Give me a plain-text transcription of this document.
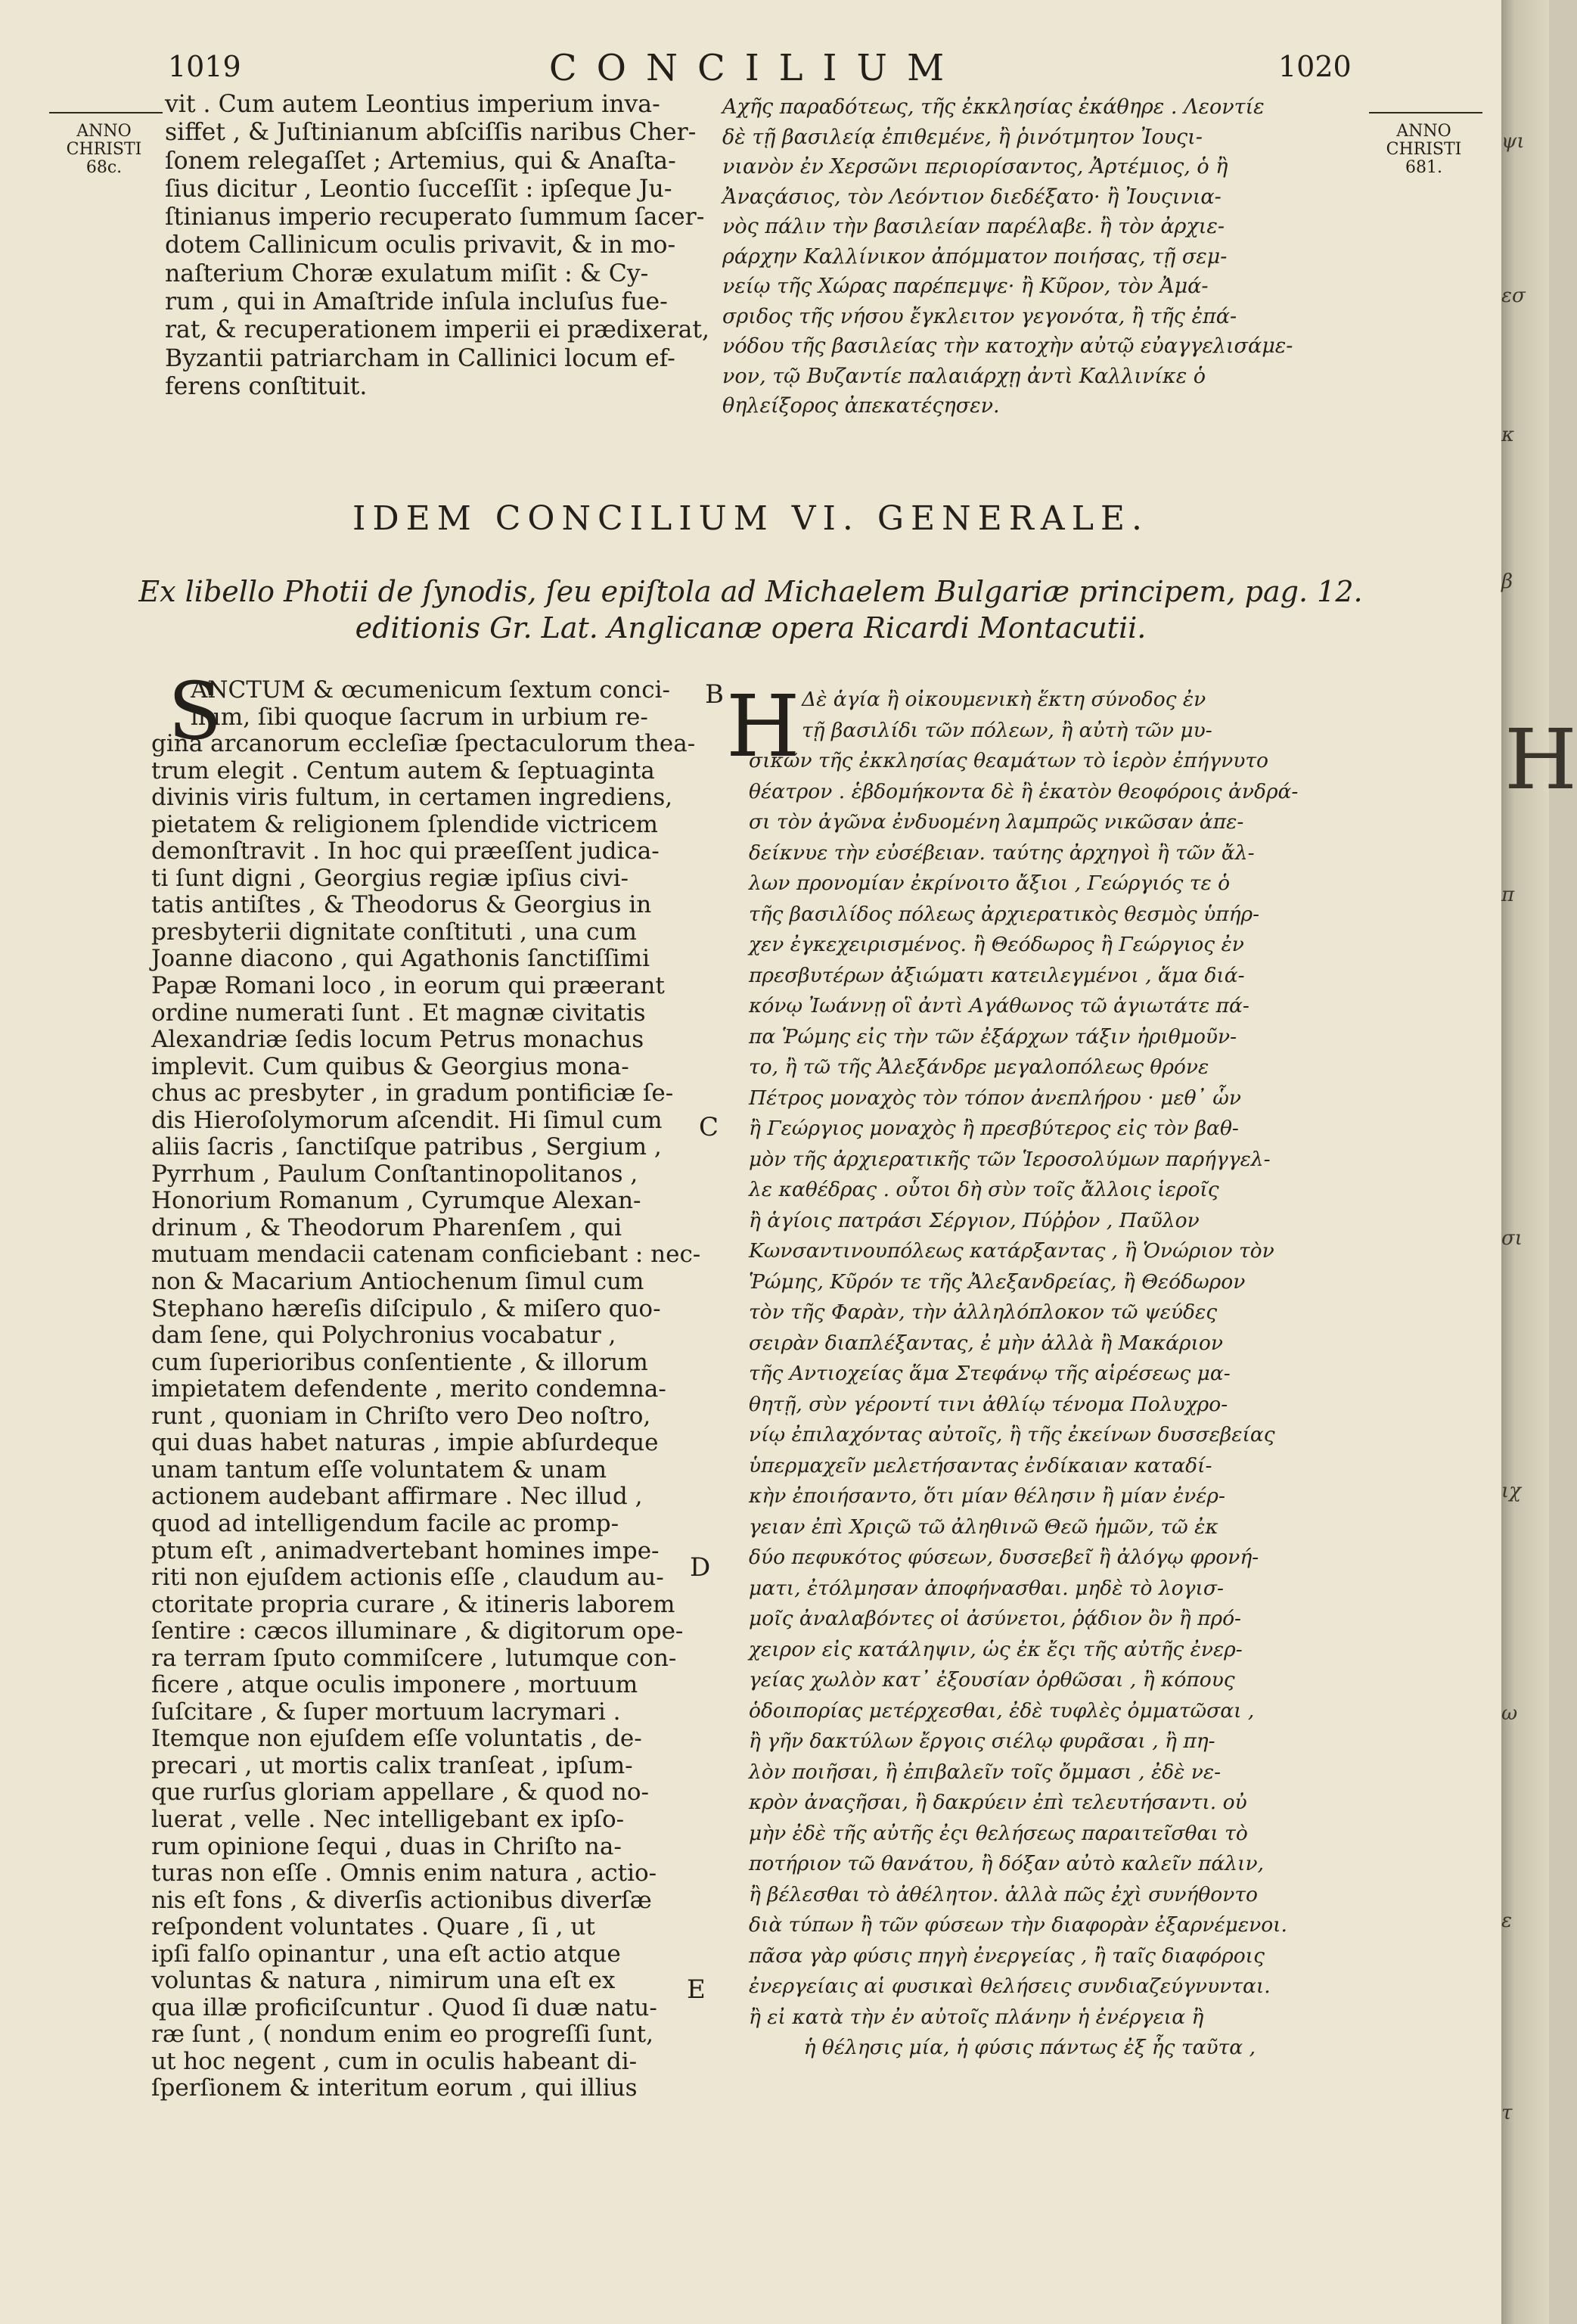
1019	CONCILIUM	1020
ANNO
CHRISTI
68c.
ANNO
CHRISTI
681.
vit . Cum autem Leontius imperium inva-
siffet , & Juſtinianum abſciſſis naribus Cher-
ſonem relegaſſet ; Artemius, qui & Anaſta-
ſius dicitur , Leontio ſucceſſit : ipſeque Ju-
ſtinianus imperio recuperato ſummum ſacer-
dotem Callinicum oculis privavit, & in mo-
naſterium Choræ exulatum miſit : & Cy-
rum , qui in Amaſtride inſula incluſus fue-
rat, & recuperationem imperii ei prædixerat,
Byzantii patriarcham in Callinici locum ef-
ferens conſtituit.
Αχῆς παραδότεως, τῆς ἐκκλησίας ἐκάθηρε . Λεοντίε
δὲ τῇ βασιλείᾳ ἐπιθεμένε, ἢ ῥινότμητον Ἰουςι-
νιανὸν ἐν Χερσῶνι περιορίσαντος, Ἀρτέμιος, ὁ ἢ
Ἀναςάσιος, τὸν Λεόντιον διεδέξατο· ἢ Ἰουςινια-
νὸς πάλιν τὴν βασιλείαν παρέλαβε. ἢ τὸν ἀρχιε-
ράρχην Καλλίνικον ἀπόμματον ποιήσας, τῇ σεμ-
νείῳ τῆς Χώρας παρέπεμψε· ἢ Κῦρον, τὸν Ἀμά-
σριδος τῆς νήσου ἔγκλειτον γεγονότα, ἢ τῆς ἐπά-
νόδου τῆς βασιλείας τὴν κατοχὴν αὐτῷ εὐαγγελισάμε-
νον, τῷ Βυζαντίε παλαιάρχῃ ἀντὶ Καλλινίκε ὁ
θηλείξορος ἀπεκατέςησεν.
IDEM CONCILIUM VI. GENERALE.
Ex libello Photii de ſynodis, ſeu epiſtola ad Michaelem Bulgariæ principem, pag. 12.
editionis Gr. Lat. Anglicanæ opera Ricardi Montacutii.
S
ANCTUM & œcumenicum ſextum conci-
lium, ſibi quoque ſacrum in urbium re-
gina arcanorum eccleſiæ ſpectaculorum thea-
trum elegit . Centum autem & ſeptuaginta
divinis viris fultum, in certamen ingrediens,
pietatem & religionem ſplendide victricem
demonſtravit . In hoc qui præeſſent judica-
ti ſunt digni , Georgius regiæ ipſius civi-
tatis antiſtes , & Theodorus & Georgius in
presbyterii dignitate conſtituti , una cum
Joanne diacono , qui Agathonis ſanctiſſimi
Papæ Romani loco , in eorum qui præerant
ordine numerati ſunt . Et magnæ civitatis
Alexandriæ ſedis locum Petrus monachus
implevit. Cum quibus & Georgius mona-
chus ac presbyter , in gradum pontificiæ ſe-
dis Hieroſolymorum aſcendit. Hi ſimul cum
aliis ſacris , ſanctiſque patribus , Sergium ,
Pyrrhum , Paulum Conſtantinopolitanos ,
Honorium Romanum , Cyrumque Alexan-
drinum , & Theodorum Pharenſem , qui
mutuam mendacii catenam conficiebant : nec-
non & Macarium Antiochenum ſimul cum
Stephano hæreſis diſcipulo , & miſero quo-
dam ſene, qui Polychronius vocabatur ,
cum ſuperioribus conſentiente , & illorum
impietatem defendente , merito condemna-
runt , quoniam in Chriſto vero Deo noſtro,
qui duas habet naturas , impie abſurdeque
unam tantum eſſe voluntatem & unam
actionem audebant affirmare . Nec illud ,
quod ad intelligendum facile ac promp-
ptum eſt , animadvertebant homines impe-
riti non ejuſdem actionis eſſe , claudum au-
ctoritate propria curare , & itineris laborem
ſentire : cæcos illuminare , & digitorum ope-
ra terram ſputo commiſcere , lutumque con-
ficere , atque oculis imponere , mortuum
ſuſcitare , & ſuper mortuum lacrymari .
Itemque non ejuſdem eſſe voluntatis , de-
precari , ut mortis calix tranſeat , ipſum-
que rurſus gloriam appellare , & quod no-
luerat , velle . Nec intelligebant ex ipſo-
rum opinione ſequi , duas in Chriſto na-
turas non eſſe . Omnis enim natura , actio-
nis eſt fons , & diverſis actionibus diverſæ
reſpondent voluntates . Quare , ſi , ut
ipſi falſo opinantur , una eſt actio atque
voluntas & natura , nimirum una eſt ex
qua illæ proficiſcuntur . Quod ſi duæ natu-
ræ ſunt , ( nondum enim eo progreſſi ſunt,
ut hoc negent , cum in oculis habeant di-
ſperſionem & interitum eorum , qui illius
B
C
D
E
Η Δὲ ἁγία ἢ οἰκουμενικὴ ἕκτη σύνοδος ἐν
τῇ βασιλίδι τῶν πόλεων, ἢ αὐτὴ τῶν μυ-
σικῶν τῆς ἐκκλησίας θεαμάτων τὸ ἱερὸν ἐπήγνυτο
θέατρον . ἑβδομήκοντα δὲ ἢ ἑκατὸν θεοφόροις ἀνδρά-
σι τὸν ἀγῶνα ἐνδυομένη λαμπρῶς νικῶσαν ἀπε-
δείκνυε τὴν εὐσέβειαν. ταύτης ἀρχηγοὶ ἢ τῶν ἄλ-
λων προνομίαν ἐκρίνοιτο ἄξιοι , Γεώργιός τε ὁ
τῆς βασιλίδος πόλεως ἀρχιερατικὸς θεσμὸς ὑπήρ-
χεν ἐγκεχειρισμένος. ἢ Θεόδωρος ἢ Γεώργιος ἐν
πρεσβυτέρων ἀξιώματι κατειλεγμένοι , ἅμα διά-
κόνῳ Ἰωάννῃ οἳ ἀντὶ Αγάθωνος τῶ ἁγιωτάτε πά-
πα Ῥώμης εἰς τὴν τῶν ἐξάρχων τάξιν ἠριθμοῦν-
το, ἢ τῶ τῆς Ἀλεξάνδρε μεγαλοπόλεως θρόνε
Πέτρος μοναχὸς τὸν τόπον ἀνεπλήρου · μεθ᾽ ὧν
ἢ Γεώργιος μοναχὸς ἢ πρεσβύτερος εἰς τὸν βαθ-
μὸν τῆς ἀρχιερατικῆς τῶν Ἱεροσολύμων παρήγγελ-
λε καθέδρας . οὗτοι δὴ σὺν τοῖς ἄλλοις ἱεροῖς
ἢ ἁγίοις πατράσι Σέργιον, Πύῤῥον , Παῦλον
Κωνσαντινουπόλεως κατάρξαντας , ἢ Ὁνώριον τὸν
Ῥώμης, Κῦρόν τε τῆς Ἀλεξανδρείας, ἢ Θεόδωρον
τὸν τῆς Φαρὰν, τὴν ἀλληλόπλοκον τῶ ψεύδες
σειρὰν διαπλέξαντας, ἐ μὴν ἀλλὰ ἢ Μακάριον
τῆς Αντιοχείας ἅμα Στεφάνῳ τῆς αἱρέσεως μα-
θητῇ, σὺν γέροντί τινι ἀθλίῳ τένομα Πολυχρο-
νίῳ ἐπιλαχόντας αὐτοῖς, ἢ τῆς ἐκείνων δυσσεβείας
ὑπερμαχεῖν μελετήσαντας ἐνδίκαιαν καταδί-
κὴν ἐποιήσαντο, ὅτι μίαν θέλησιν ἢ μίαν ἐνέρ-
γειαν ἐπὶ Χριςῶ τῶ ἀληθινῶ Θεῶ ἡμῶν, τῶ ἐκ
δύο πεφυκότος φύσεων, δυσσεβεῖ ἢ ἀλόγῳ φρονή-
ματι, ἐτόλμησαν ἀποφήνασθαι. μηδὲ τὸ λογισ-
μοῖς ἀναλαβόντες οἱ ἀσύνετοι, ῥᾴδιον ὂν ἢ πρό-
χειρον εἰς κατάληψιν, ὡς ἐκ ἔςι τῆς αὐτῆς ἐνερ-
γείας χωλὸν κατ᾽ ἐξουσίαν ὀρθῶσαι , ἢ κόπους
ὁδοιπορίας μετέρχεσθαι, ἐδὲ τυφλὲς ὀμματῶσαι ,
ἢ γῆν δακτύλων ἔργοις σιέλῳ φυρᾶσαι , ἢ πη-
λὸν ποιῆσαι, ἢ ἐπιβαλεῖν τοῖς ὄμμασι , ἐδὲ νε-
κρὸν ἀναςῆσαι, ἢ δακρύειν ἐπὶ τελευτήσαντι. οὐ
μὴν ἐδὲ τῆς αὐτῆς ἐςι θελήσεως παραιτεῖσθαι τὸ
ποτήριον τῶ θανάτου, ἢ δόξαν αὐτὸ καλεῖν πάλιν,
ἢ βέλεσθαι τὸ ἀθέλητον. ἀλλὰ πῶς ἐχὶ συνήθοντο
διὰ τύπων ἢ τῶν φύσεων τὴν διαφορὰν ἐξαρνέμενοι.
πᾶσα γὰρ φύσις πηγὴ ἐνεργείας , ἢ ταῖς διαφόροις
ἐνεργείαις αἱ φυσικαὶ θελήσεις συνδιαζεύγνυνται.
ἢ εἰ κατὰ τὴν ἐν αὐτοῖς πλάνην ἡ ἐνέργεια ἢ
ἡ θέλησις μία, ἡ φύσις πάντως ἐξ ἧς ταῦτα ,
ψι
εσ
κ
β
π
σι
ιχ
ω
ε
τ
H
